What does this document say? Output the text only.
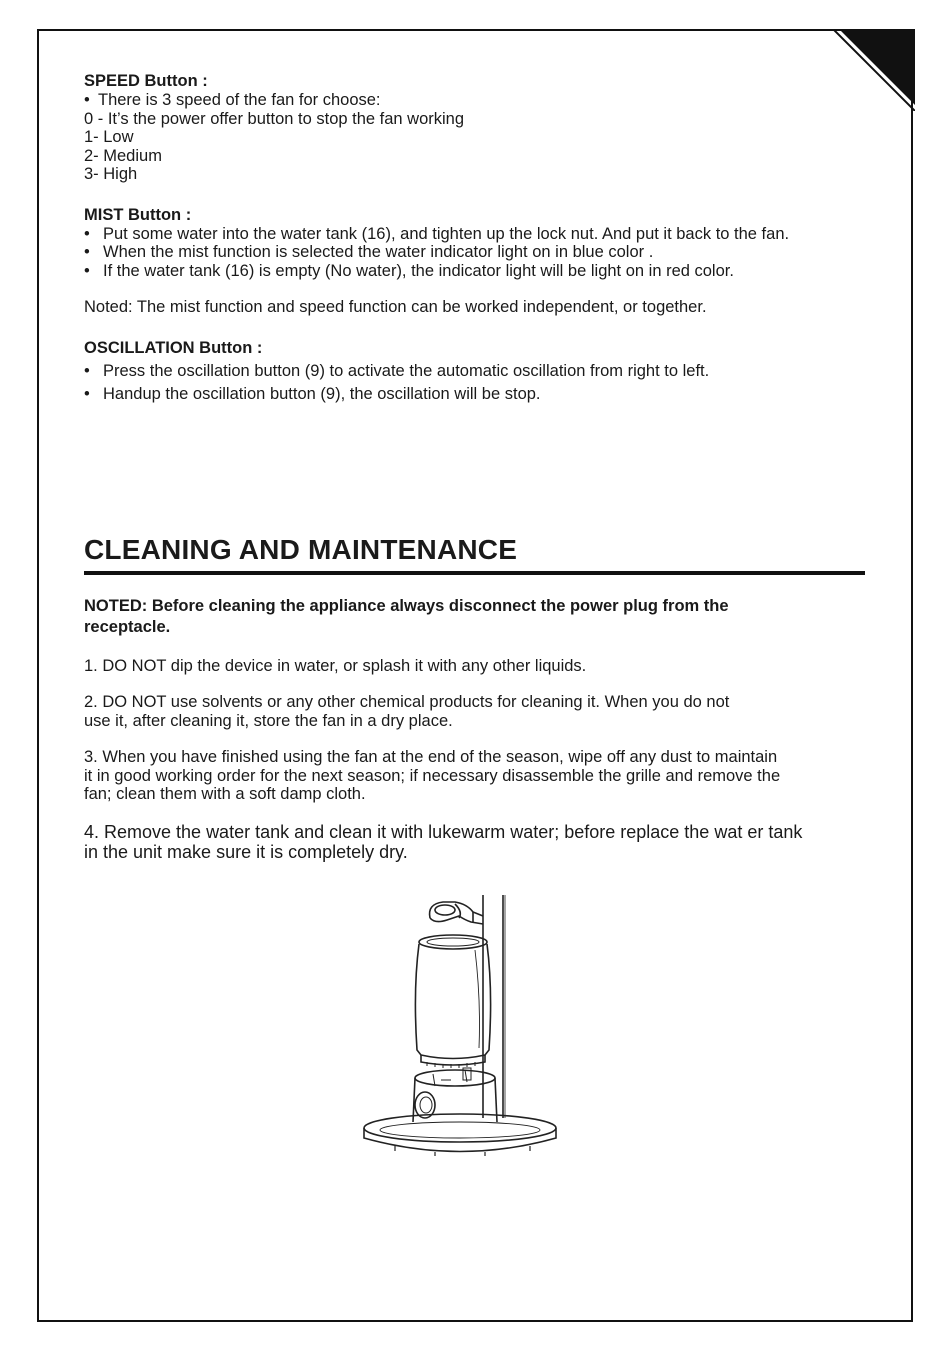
SPEED Button :

• There is 3 speed of the fan for choose:

0 - It’s the power offer button to stop the fan working

1- Low

2- Medium

3- High

MIST Button :

• Put some water into the water tank (16), and tighten up the lock nut. And put it back to the fan.

• When the mist function is selected the water indicator light on in blue color .

• If the water tank (16) is empty (No water), the indicator light will be light on in red color.

Noted: The mist function and speed function can be worked independent, or together.

OSCILLATION Button :

• Press the oscillation button (9) to activate the automatic oscillation from right to left.

• Handup the oscillation button (9), the oscillation will be stop.

CLEANING AND MAINTENANCE

NOTED: Before cleaning the appliance always disconnect the power plug from the

receptacle.

1. DO NOT dip the device in water, or splash it with any other liquids.

2. DO NOT use solvents or any other chemical products for cleaning it. When you do not

use it, after cleaning it, store the fan in a dry place.

3. When you have finished using the fan at the end of the season, wipe off any dust to maintain

it in good working order for the next season; if necessary disassemble the grille and remove the

fan; clean them with a soft damp cloth.

4. Remove the water tank and clean it with lukewarm water; before replace the wat er tank

in the unit make sure it is completely dry.
